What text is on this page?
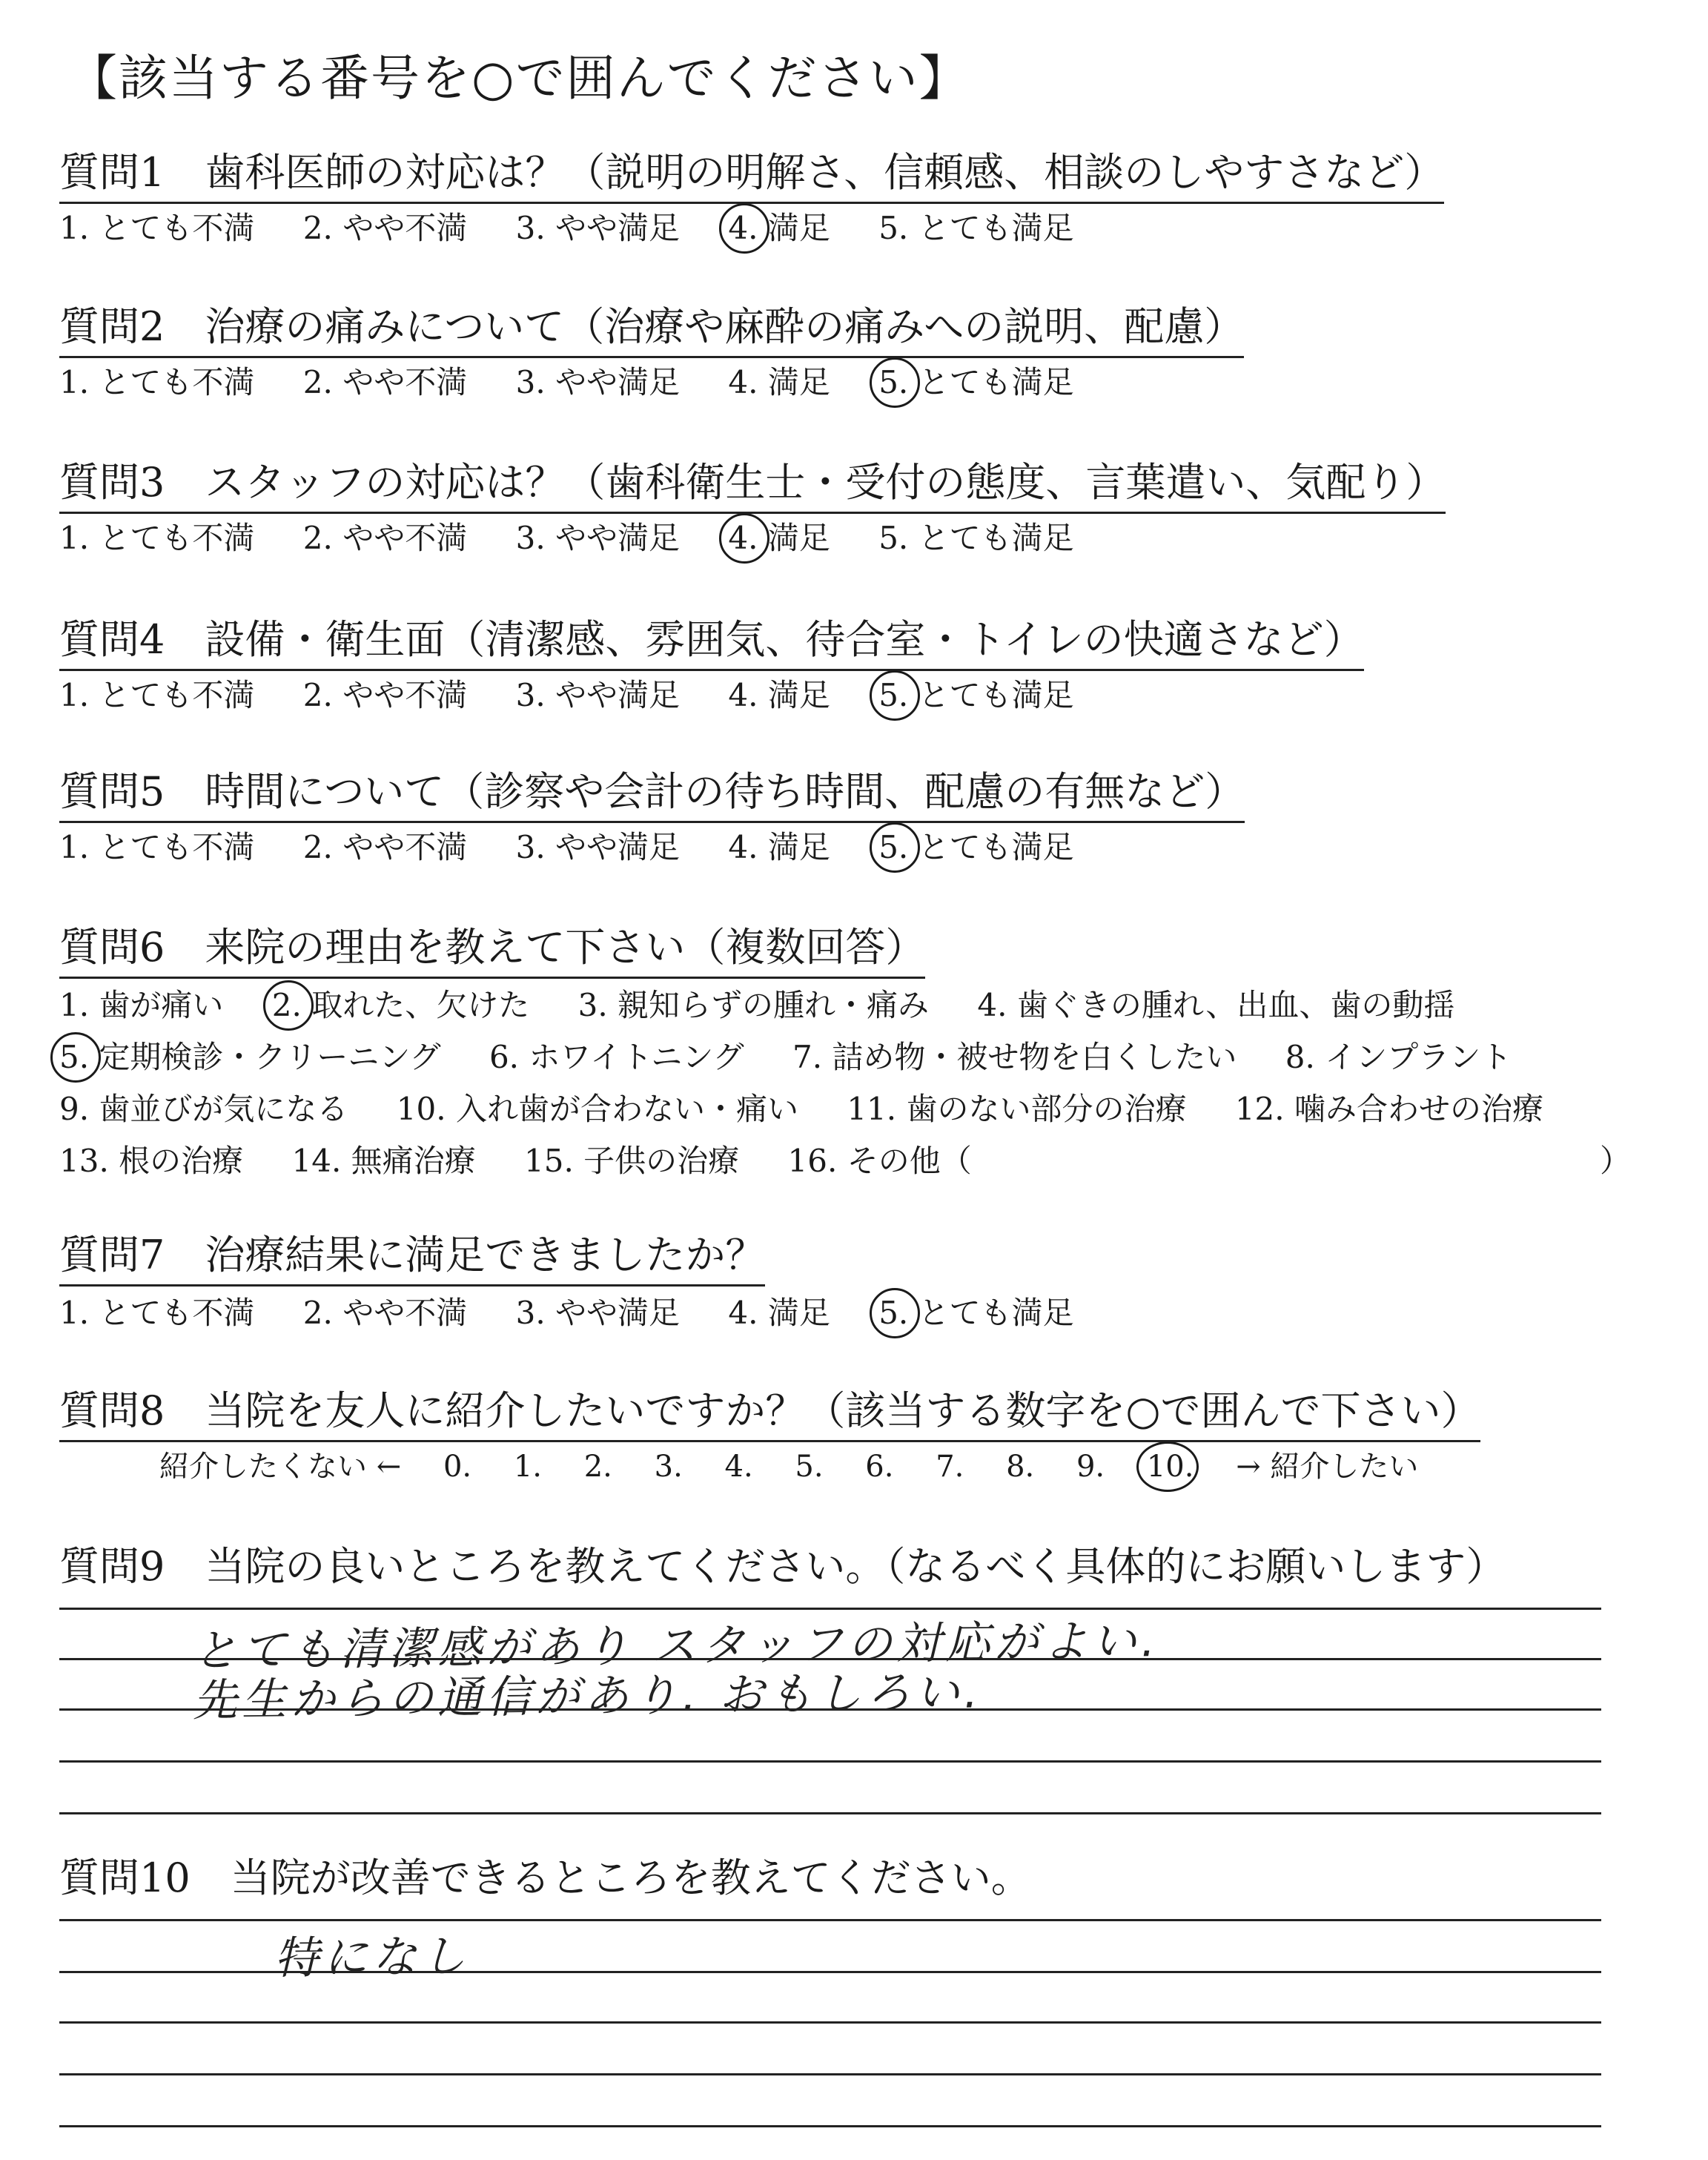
【該当する番号を○で囲んでください】
質問1　歯科医師の対応は？（説明の明解さ、信頼感、相談のしやすさなど）
1. とても不満 2. やや不満 3. やや満足 4. 満足 5. とても満足
質問2　治療の痛みについて（治療や麻酔の痛みへの説明、配慮）
1. とても不満 2. やや不満 3. やや満足 4. 満足 5. とても満足
質問3　スタッフの対応は？（歯科衛生士・受付の態度、言葉遣い、気配り）
1. とても不満 2. やや不満 3. やや満足 4. 満足 5. とても満足
質問4　設備・衛生面（清潔感、雰囲気、待合室・トイレの快適さなど）
1. とても不満 2. やや不満 3. やや満足 4. 満足 5. とても満足
質問5　時間について（診察や会計の待ち時間、配慮の有無など）
1. とても不満 2. やや不満 3. やや満足 4. 満足 5. とても満足
質問6　来院の理由を教えて下さい（複数回答）
1. 歯が痛い 2. 取れた、欠けた 3. 親知らずの腫れ・痛み 4. 歯ぐきの腫れ、出血、歯の動揺
5. 定期検診・クリーニング 6. ホワイトニング 7. 詰め物・被せ物を白くしたい 8. インプラント
9. 歯並びが気になる 10. 入れ歯が合わない・痛い 11. 歯のない部分の治療 12. 噛み合わせの治療
13. 根の治療 14. 無痛治療 15. 子供の治療 16. その他（	）
質問7　治療結果に満足できましたか？
1. とても不満 2. やや不満 3. やや満足 4. 満足 5. とても満足
質問8　当院を友人に紹介したいですか？（該当する数字を○で囲んで下さい）
紹介したくない ← 0. 1. 2. 3. 4. 5. 6. 7. 8. 9. 10. → 紹介したい
質問9　当院の良いところを教えてください。（なるべく具体的にお願いします）
とても清潔感があり スタッフの対応がよい.
先生からの通信があり. おもしろい.
質問10　当院が改善できるところを教えてください。
特になし
